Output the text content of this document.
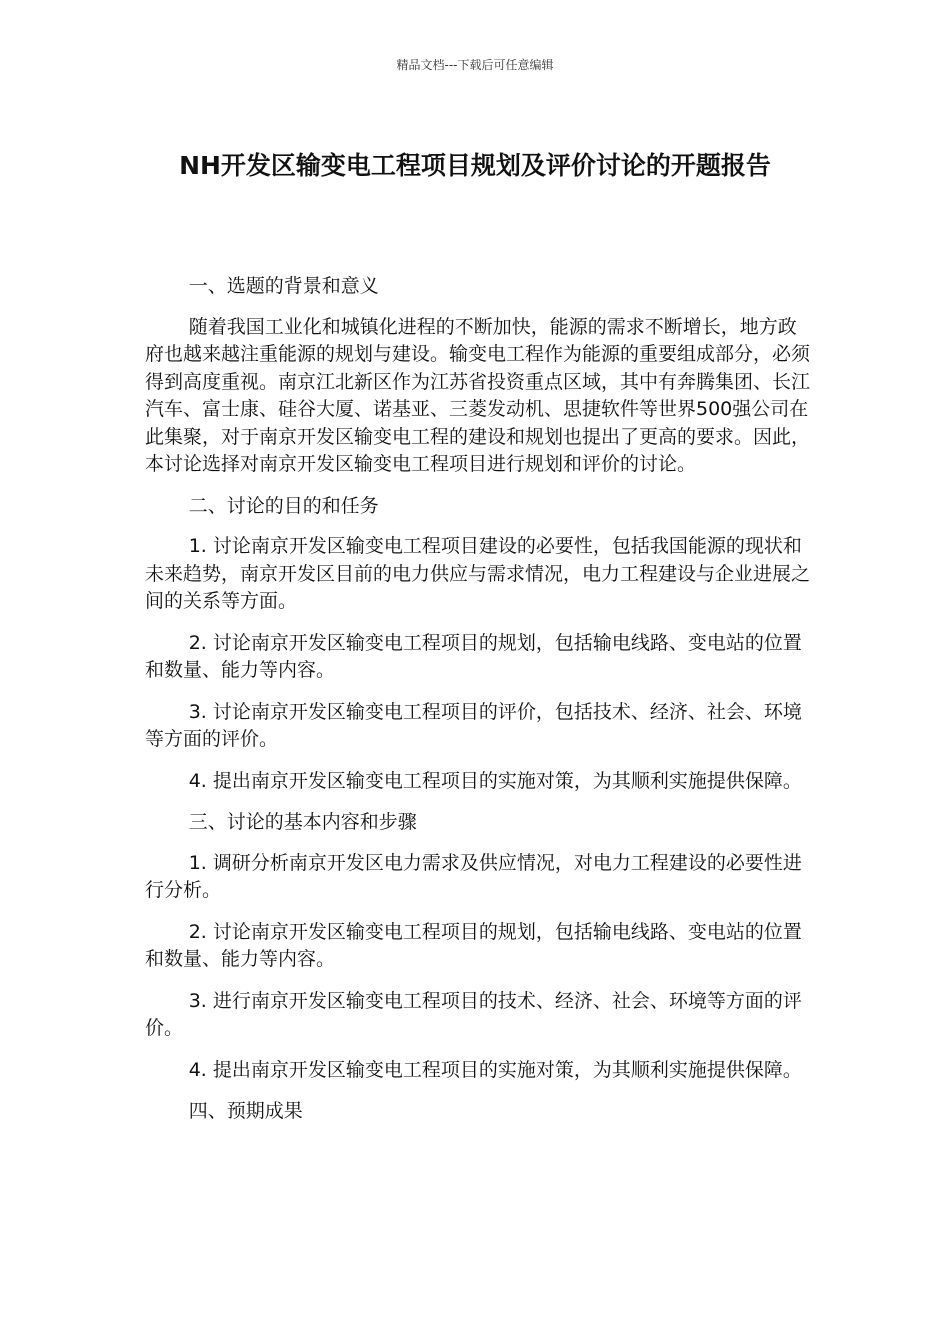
精品文档---下载后可任意编辑
NH开发区输变电工程项目规划及评价讨论的开题报告

一、选题的背景和意义

随着我国工业化和城镇化进程的不断加快，能源的需求不断增长，地方政府也越来越注重能源的规划与建设。输变电工程作为能源的重要组成部分，必须得到高度重视。南京江北新区作为江苏省投资重点区域，其中有奔腾集团、长江汽车、富士康、硅谷大厦、诺基亚、三菱发动机、思捷软件等世界500强公司在此集聚，对于南京开发区输变电工程的建设和规划也提出了更高的要求。因此，本讨论选择对南京开发区输变电工程项目进行规划和评价的讨论。

二、讨论的目的和任务

1. 讨论南京开发区输变电工程项目建设的必要性，包括我国能源的现状和未来趋势，南京开发区目前的电力供应与需求情况，电力工程建设与企业进展之间的关系等方面。

2. 讨论南京开发区输变电工程项目的规划，包括输电线路、变电站的位置和数量、能力等内容。

3. 讨论南京开发区输变电工程项目的评价，包括技术、经济、社会、环境等方面的评价。

4. 提出南京开发区输变电工程项目的实施对策，为其顺利实施提供保障。

三、讨论的基本内容和步骤

1. 调研分析南京开发区电力需求及供应情况，对电力工程建设的必要性进行分析。

2. 讨论南京开发区输变电工程项目的规划，包括输电线路、变电站的位置和数量、能力等内容。

3. 进行南京开发区输变电工程项目的技术、经济、社会、环境等方面的评价。

4. 提出南京开发区输变电工程项目的实施对策，为其顺利实施提供保障。

四、预期成果
